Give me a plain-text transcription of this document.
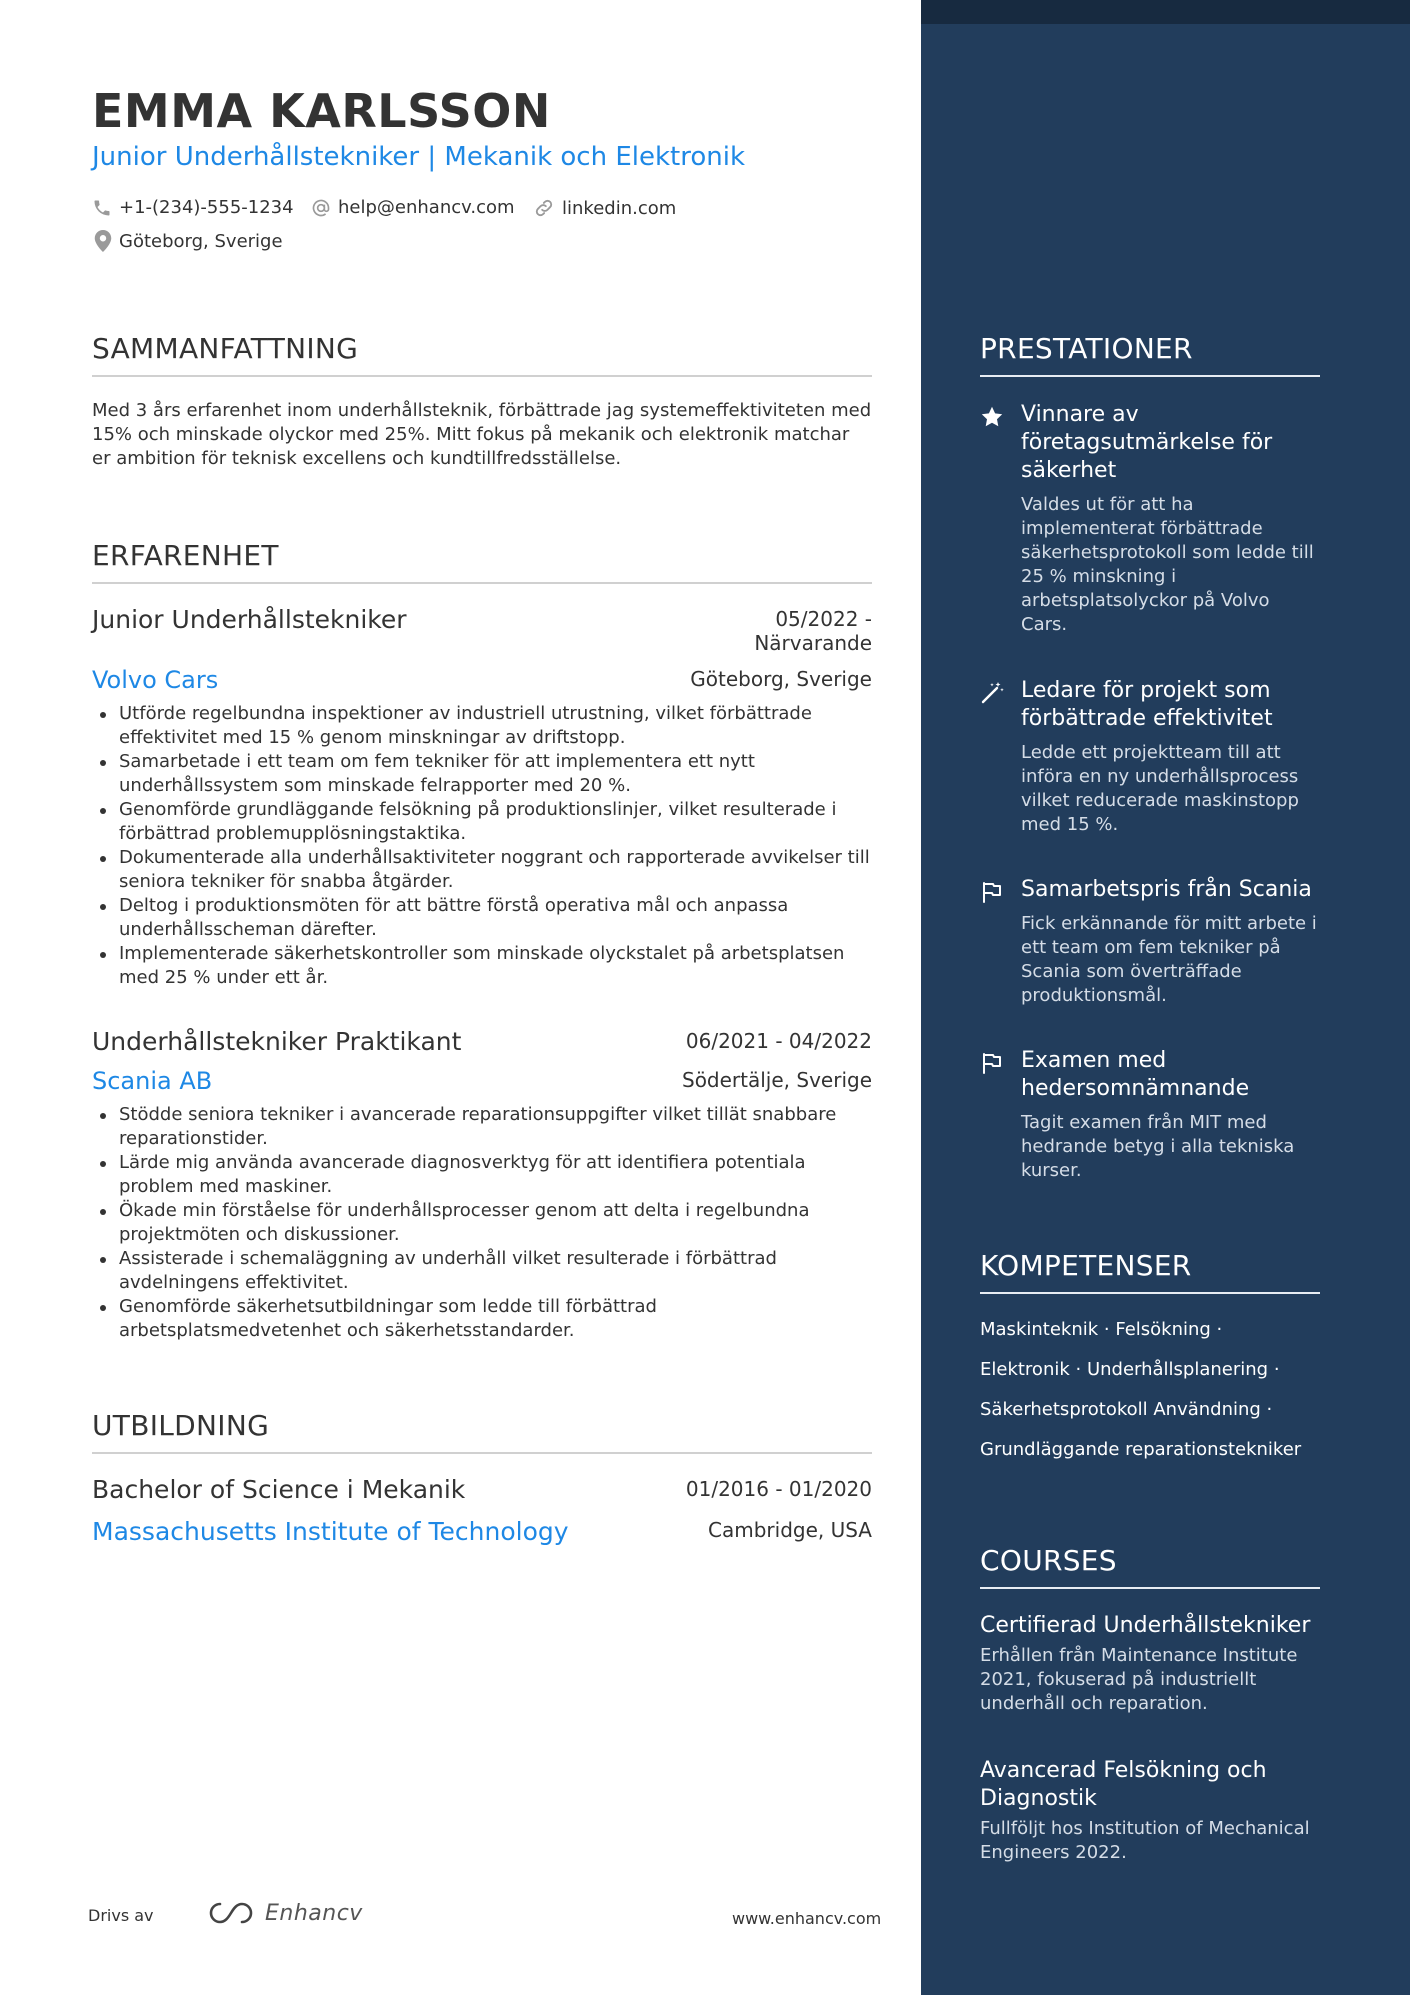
EMMA KARLSSON
Junior Underhållstekniker | Mekanik och Elektronik
+1-(234)-555-1234 help@enhancv.com	linkedin.com
Göteborg, Sverige
SAMMANFATTNING
Med 3 års erfarenhet inom underhållsteknik, förbättrade jag systemeffektiviteten med 15% och minskade olyckor med 25%. Mitt fokus på mekanik och elektronik matchar er ambition för teknisk excellens och kundtillfredsställelse.
ERFARENHET
Junior Underhållstekniker	05/2022 -
Närvarande
Volvo Cars	Göteborg, Sverige
Utförde regelbundna inspektioner av industriell utrustning, vilket förbättrade effektivitet med 15 % genom minskningar av driftstopp.
Samarbetade i ett team om fem tekniker för att implementera ett nytt underhållssystem som minskade felrapporter med 20 %.
Genomförde grundläggande felsökning på produktionslinjer, vilket resulterade i förbättrad problemupplösningstaktika.
Dokumenterade alla underhållsaktiviteter noggrant och rapporterade avvikelser till seniora tekniker för snabba åtgärder.
Deltog i produktionsmöten för att bättre förstå operativa mål och anpassa underhållsscheman därefter.
Implementerade säkerhetskontroller som minskade olyckstalet på arbetsplatsen med 25 % under ett år.
Underhållstekniker Praktikant	06/2021 - 04/2022
Scania AB	Södertälje, Sverige
Stödde seniora tekniker i avancerade reparationsuppgifter vilket tillät snabbare reparationstider.
Lärde mig använda avancerade diagnosverktyg för att identifiera potentiala problem med maskiner.
Ökade min förståelse för underhållsprocesser genom att delta i regelbundna projektmöten och diskussioner.
Assisterade i schemaläggning av underhåll vilket resulterade i förbättrad avdelningens effektivitet.
Genomförde säkerhetsutbildningar som ledde till förbättrad arbetsplatsmedvetenhet och säkerhetsstandarder.
UTBILDNING
Bachelor of Science i Mekanik	01/2016 - 01/2020
Massachusetts Institute of Technology	Cambridge, USA
PRESTATIONER
Vinnare av företagsutmärkelse för säkerhet
Valdes ut för att ha implementerat förbättrade säkerhetsprotokoll som ledde till 25 % minskning i arbetsplatsolyckor på Volvo Cars.
Ledare för projekt som förbättrade effektivitet
Ledde ett projektteam till att införa en ny underhållsprocess vilket reducerade maskinstopp med 15 %.
Samarbetspris från Scania
Fick erkännande för mitt arbete i ett team om fem tekniker på Scania som överträffade produktionsmål.
Examen med hedersomnämnande
Tagit examen från MIT med hedrande betyg i alla tekniska kurser.
KOMPETENSER
Maskinteknik · Felsökning ·
Elektronik · Underhållsplanering ·
Säkerhetsprotokoll Användning ·
Grundläggande reparationstekniker
COURSES
Certifierad Underhållstekniker
Erhållen från Maintenance Institute 2021, fokuserad på industriellt underhåll och reparation.
Avancerad Felsökning och Diagnostik
Fullföljt hos Institution of Mechanical Engineers 2022.
Drivs av	Enhancv	www.enhancv.com
